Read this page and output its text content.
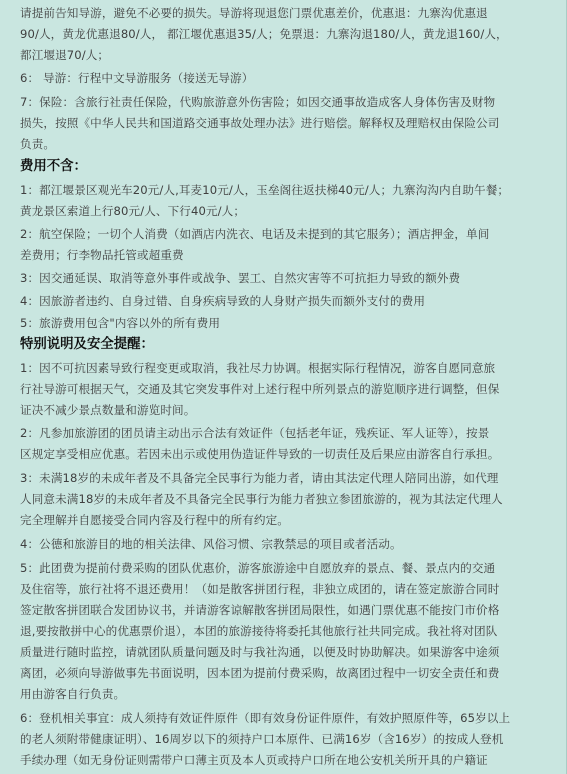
请提前告知导游，避免不必要的损失。导游将现退您门票优惠差价，优惠退：九寨沟优惠退
90/人，黄龙优惠退80/人， 都江堰优惠退35/人；免票退：九寨沟退180/人，黄龙退160/人，
都江堰退70/人；
6： 导游：行程中文导游服务（接送无导游）
7：保险：含旅行社责任保险，代购旅游意外伤害险；如因交通事故造成客人身体伤害及财物
损失，按照《中华人民共和国道路交通事故处理办法》进行赔偿。解释权及理赔权由保险公司
负责。
费用不含：
1：都江堰景区观光车20元/人,耳麦10元/人，玉垒阁往返扶梯40元/人；九寨沟沟内自助午餐；
黄龙景区索道上行80元/人、下行40元/人；
2：航空保险；一切个人消费（如酒店内洗衣、电话及未提到的其它服务）；酒店押金，单间
差费用；行李物品托管或超重费
3：因交通延误、取消等意外事件或战争、罢工、自然灾害等不可抗拒力导致的额外费
4：因旅游者违约、自身过错、自身疾病导致的人身财产损失而额外支付的费用
5：旅游费用包含"内容以外的所有费用
特别说明及安全提醒：
1：因不可抗因素导致行程变更或取消，我社尽力协调。根据实际行程情况，游客自愿同意旅
行社导游可根据天气，交通及其它突发事件对上述行程中所列景点的游览顺序进行调整，但保
证决不减少景点数量和游览时间。
2：凡参加旅游团的团员请主动出示合法有效证件（包括老年证，残疾证、军人证等），按景
区规定享受相应优惠。若因未出示或使用伪造证件导致的一切责任及后果应由游客自行承担。
3：未满18岁的未成年者及不具备完全民事行为能力者，请由其法定代理人陪同出游，如代理
人同意未满18岁的未成年者及不具备完全民事行为能力者独立参团旅游的，视为其法定代理人
完全理解并自愿接受合同内容及行程中的所有约定。
4：公德和旅游目的地的相关法律、风俗习惯、宗教禁忌的项目或者活动。
5：此团费为提前付费采购的团队优惠价，游客旅游途中自愿放弃的景点、餐、景点内的交通
及住宿等，旅行社将不退还费用！（如是散客拼团行程，非独立成团的，请在签定旅游合同时
签定散客拼团联合发团协议书，并请游客谅解散客拼团局限性，如遇门票优惠不能按门市价格
退,要按散拼中心的优惠票价退），本团的旅游接待将委托其他旅行社共同完成。我社将对团队
质量进行随时监控，请就团队质量问题及时与我社沟通，以便及时协助解决。如果游客中途须
离团，必须向导游做事先书面说明，因本团为提前付费采购，故离团过程中一切安全责任和费
用由游客自行负责。
6：登机相关事宜：成人须持有效证件原件（即有效身份证件原件，有效护照原件等，65岁以上
的老人须附带健康证明）、16周岁以下的须持户口本原件、已满16岁（含16岁）的按成人登机
手续办理（如无身份证则需带户口薄主页及本人页或持户口所在地公安机关所开具的户籍证
